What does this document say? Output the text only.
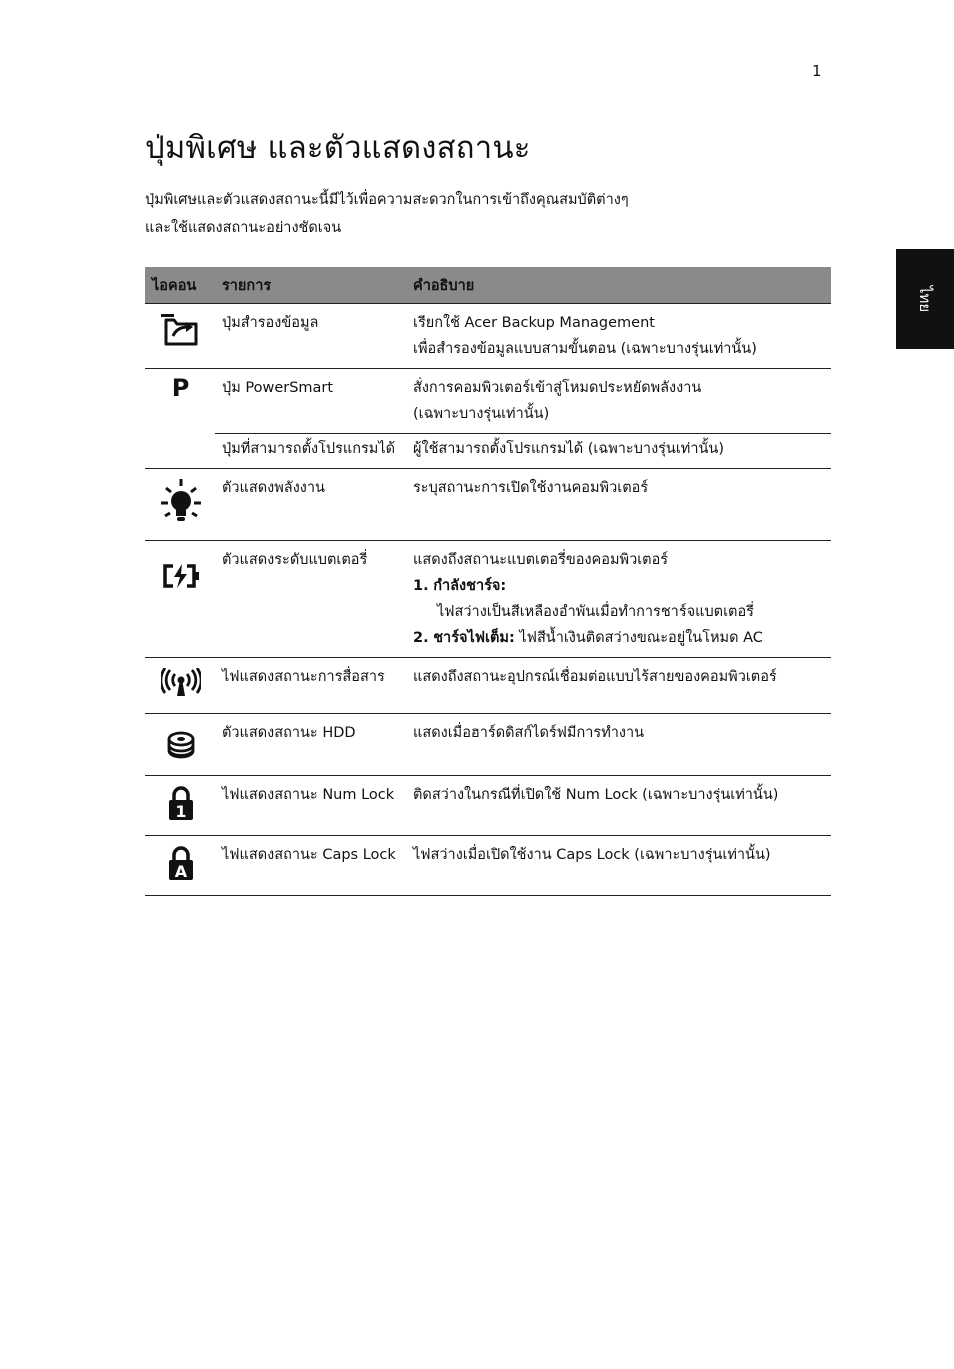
1
ไทย
ปุ่มพิเศษ และตัวแสดงสถานะ
ปุ่มพิเศษและตัวแสดงสถานะนี้มีไว้เพื่อความสะดวกในการเข้าถึงคุณสมบัติต่างๆ
และใช้แสดงสถานะอย่างชัดเจน
ไอคอน	รายการ	คำอธิบาย
	ปุ่มสำรองข้อมูล	เรียกใช้ Acer Backup Management
เพื่อสำรองข้อมูลแบบสามขั้นตอน (เฉพาะบางรุ่นเท่านั้น)

P	ปุ่ม PowerSmart	สั่งการคอมพิวเตอร์เข้าสู่โหมดประหยัดพลังงาน
(เฉพาะบางรุ่นเท่านั้น)

	ปุ่มที่สามารถตั้งโปรแกรมได้	ผู้ใช้สามารถตั้งโปรแกรมได้ (เฉพาะบางรุ่นเท่านั้น)

	ตัวแสดงพลังงาน	ระบุสถานะการเปิดใช้งานคอมพิวเตอร์

	ตัวแสดงระดับแบตเตอรี่	แสดงถึงสถานะแบตเตอรี่ของคอมพิวเตอร์
1. กำลังชาร์จ:
ไฟสว่างเป็นสีเหลืองอำพันเมื่อทำการชาร์จแบตเตอรี่
2. ชาร์จไฟเต็ม: ไฟสีน้ำเงินติดสว่างขณะอยู่ในโหมด AC

	ไฟแสดงสถานะการสื่อสาร	แสดงถึงสถานะอุปกรณ์เชื่อมต่อแบบไร้สายของคอมพิวเตอร์

	ตัวแสดงสถานะ HDD	แสดงเมื่อฮาร์ดดิสก์ไดร์ฟมีการทำงาน

1	ไฟแสดงสถานะ Num Lock	ติดสว่างในกรณีที่เปิดใช้ Num Lock (เฉพาะบางรุ่นเท่านั้น)

A	ไฟแสดงสถานะ Caps Lock	ไฟสว่างเมื่อเปิดใช้งาน Caps Lock (เฉพาะบางรุ่นเท่านั้น)
